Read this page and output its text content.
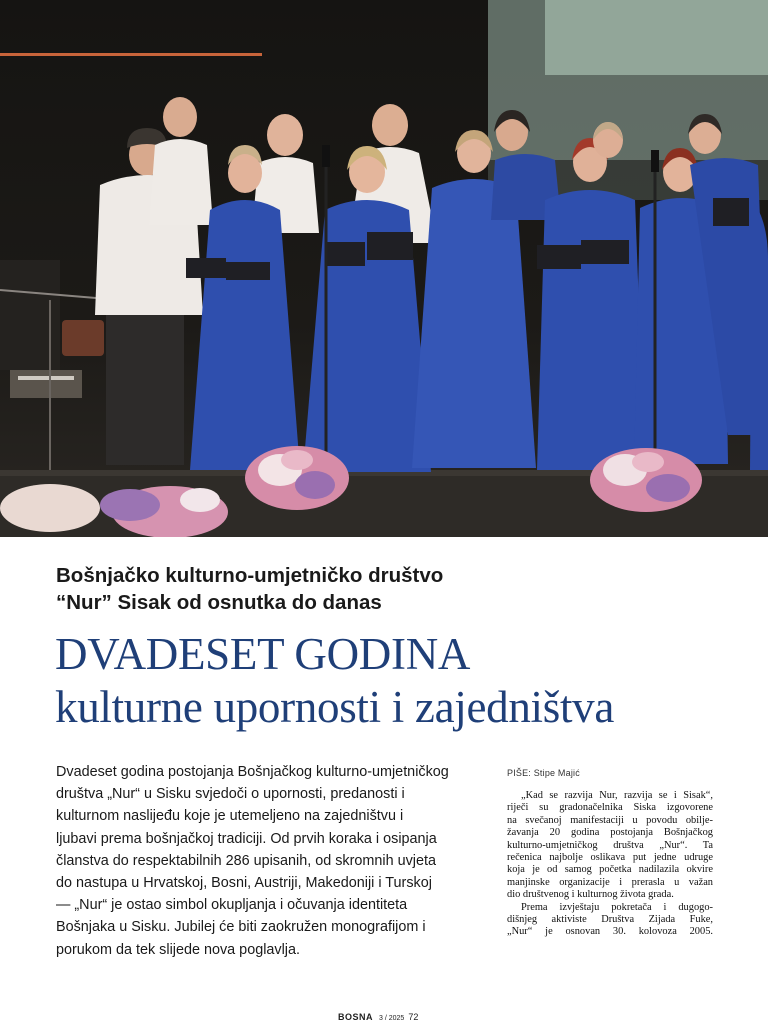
Bošnjačko kulturno-umjetničko društvo
“Nur” Sisak od osnutka do danas
DVADESET GODINA
kulturne upornosti i zajedništva
Dvadeset godina postojanja Bošnjačkog kulturno-umjetničkog
društva „Nur“ u Sisku svjedoči o upornosti, predanosti i
kulturnom naslijeđu koje je utemeljeno na zajedništvu i
ljubavi prema bošnjačkoj tradiciji. Od prvih koraka i osipanja
članstva do respektabilnih 286 upisanih, od skromnih uvjeta
do nastupa u Hrvatskoj, Bosni, Austriji, Makedoniji i Turskoj
— „Nur“ je ostao simbol okupljanja i očuvanja identiteta
Bošnjaka u Sisku. Jubilej će biti zaokružen monografijom i
porukom da tek slijede nova poglavlja.
PIŠE: Stipe Majić

„Kad se razvija Nur, razvija se i Sisak“,
riječi su gradonačelnika Siska izgovorene
na svečanoj manifestaciji u povodu obilje-
žavanja 20 godina postojanja Bošnjačkog
kulturno-umjetničkog društva „Nur“. Ta
rečenica najbolje oslikava put jedne udruge
koja je od samog početka nadilazila okvire
manjinske organizacije i prerasla u važan
dio društvenog i kulturnog života grada.

Prema izvještaju pokretača i dugogo-
dišnjeg aktiviste Društva Zijada Fuke,
„Nur“ je osnovan 30. kolovoza 2005.

BOSNA 3 / 2025 72
